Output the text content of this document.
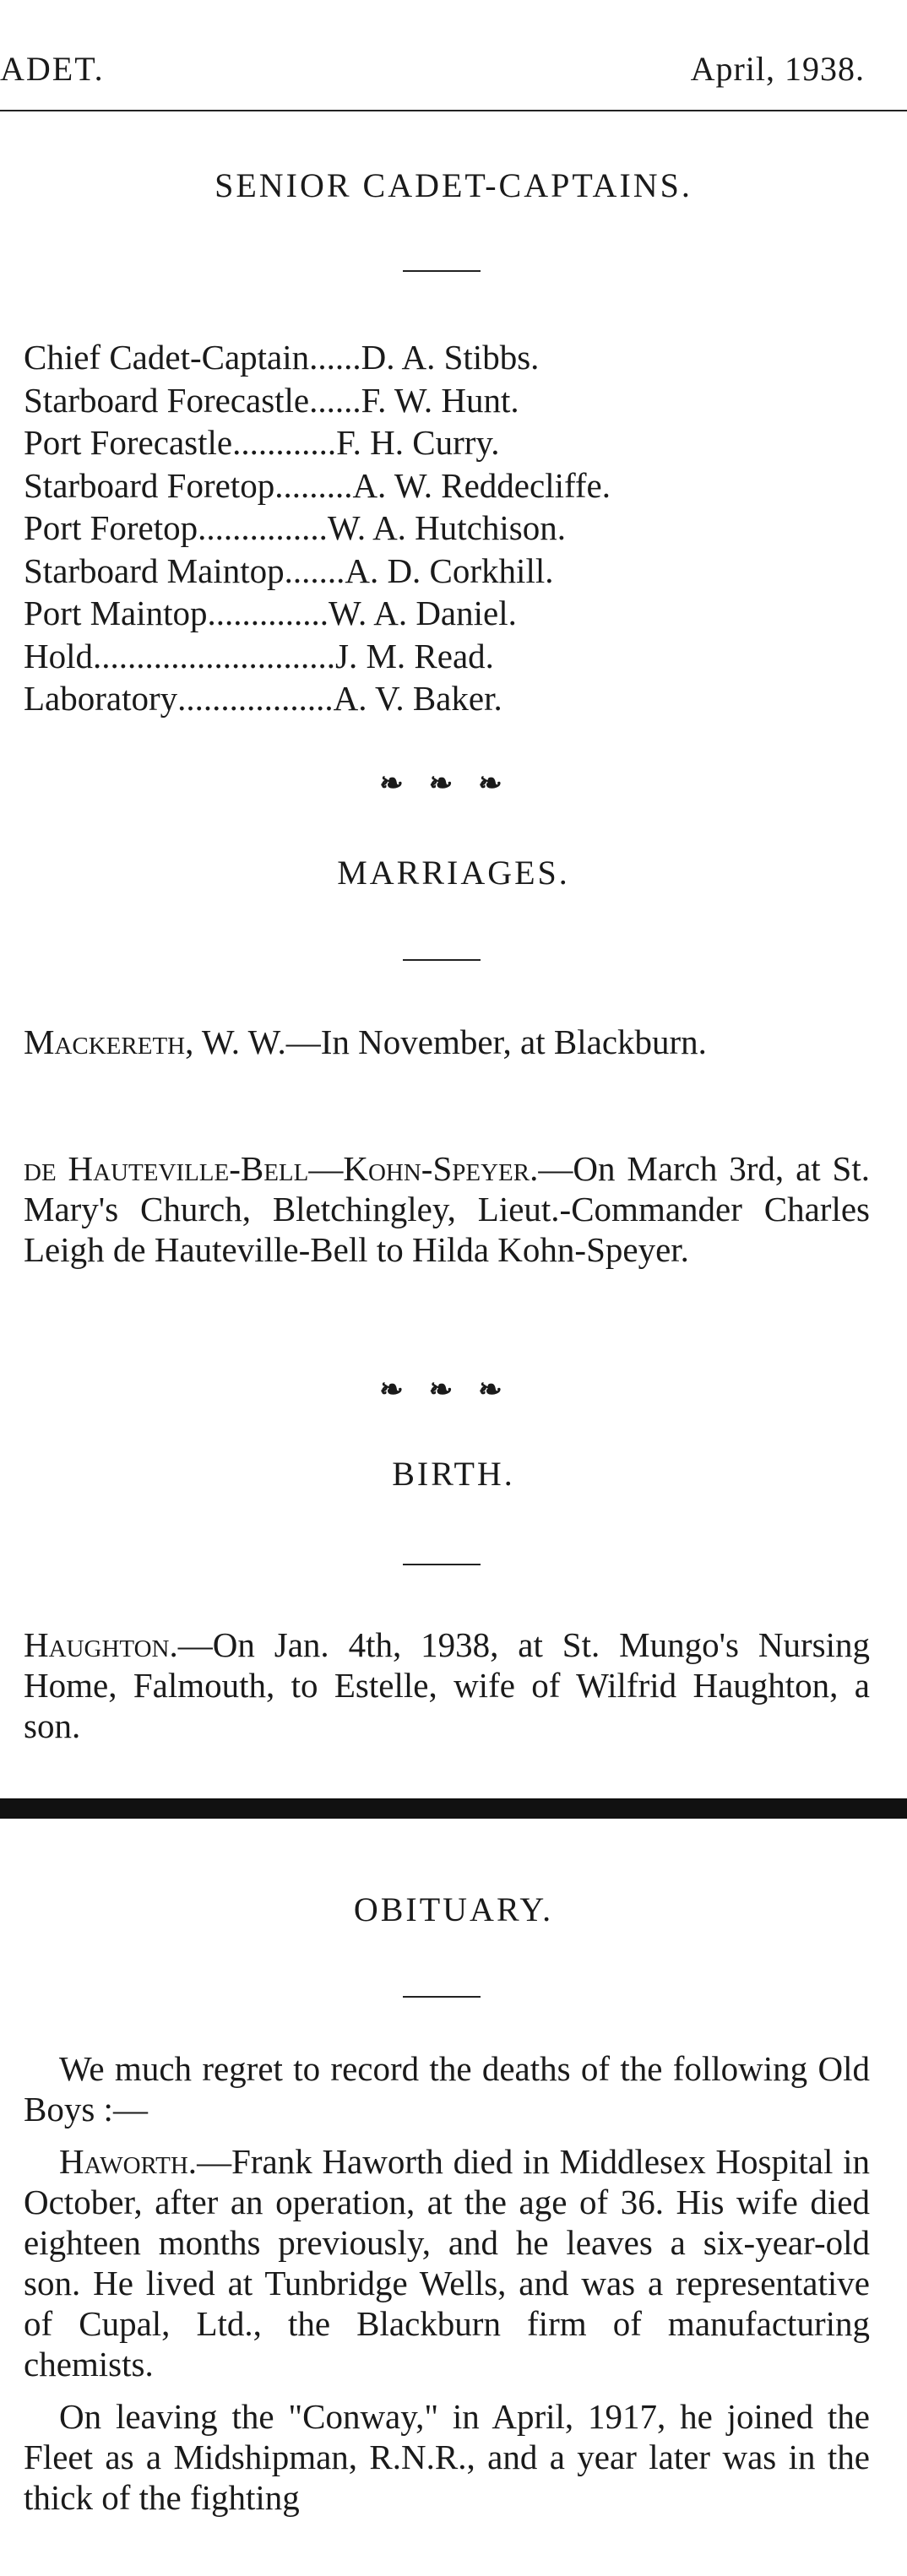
ADET.	April, 1938.
SENIOR CADET-CAPTAINS.
Chief Cadet-Captain ...... D. A. Stibbs.
Starboard Forecastle ...... F. W. Hunt.
Port Forecastle ............ F. H. Curry.
Starboard Foretop ......... A. W. Reddecliffe.
Port Foretop ............... W. A. Hutchison.
Starboard Maintop ....... A. D. Corkhill.
Port Maintop .............. W. A. Daniel.
Hold ............................ J. M. Read.
Laboratory .................. A. V. Baker.
❧❧❧
MARRIAGES.
Mackereth, W. W.—In November, at Blackburn.
de Hauteville-Bell—Kohn-Speyer.—On March 3rd, at St. Mary's Church, Bletchingley, Lieut.-Commander Charles Leigh de Hauteville-Bell to Hilda Kohn-Speyer.
❧❧❧
BIRTH.
Haughton.—On Jan. 4th, 1938, at St. Mungo's Nursing Home, Falmouth, to Estelle, wife of Wilfrid Haughton, a son.
OBITUARY.

We much regret to record the deaths of the following Old Boys :—

Haworth.—Frank Haworth died in Middlesex Hospital in October, after an operation, at the age of 36. His wife died eighteen months previously, and he leaves a six-year-old son. He lived at Tunbridge Wells, and was a representative of Cupal, Ltd., the Blackburn firm of manufacturing chemists.

On leaving the "Conway," in April, 1917, he joined the Fleet as a Midshipman, R.N.R., and a year later was in the thick of the fighting
